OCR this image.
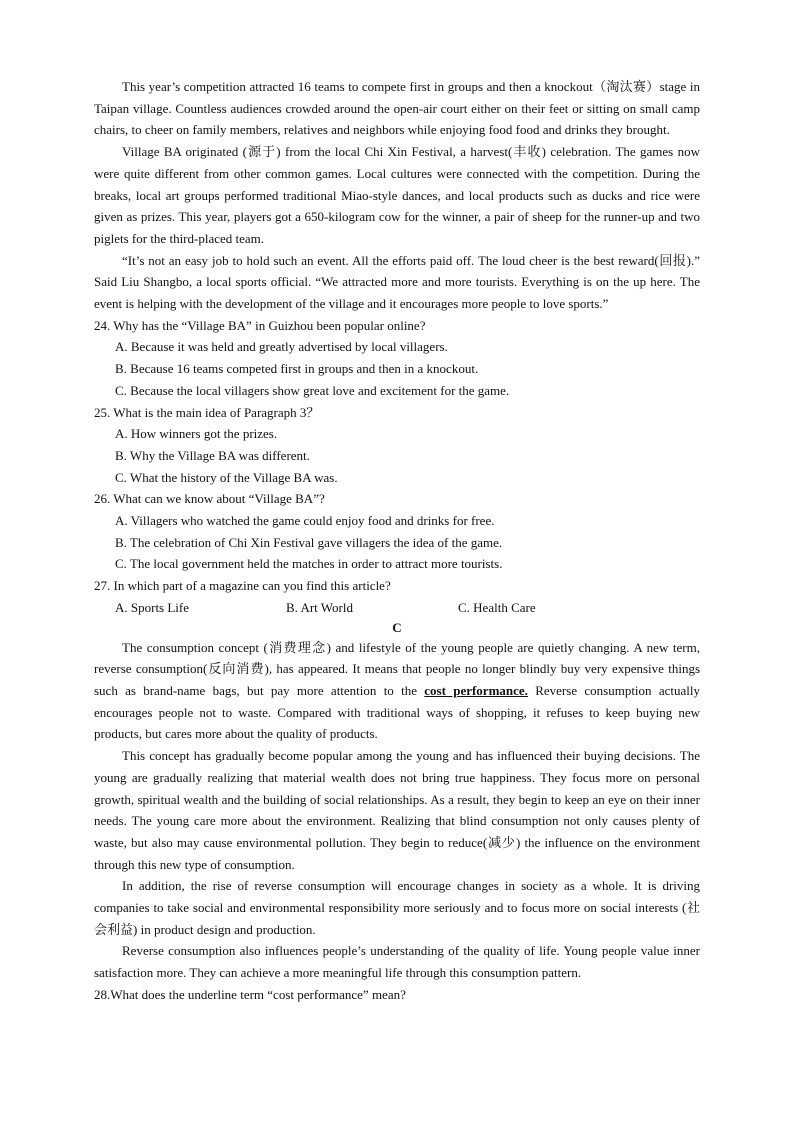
This year’s competition attracted 16 teams to compete first in groups and then a knockout（淘汰赛）stage in Taipan village. Countless audiences crowded around the open-air court either on their feet or sitting on small camp chairs, to cheer on family members, relatives and neighbors while enjoying food food and drinks they brought.

Village BA originated (源于) from the local Chi Xin Festival, a harvest(丰收) celebration. The games now were quite different from other common games. Local cultures were connected with the competition. During the breaks, local art groups performed traditional Miao-style dances, and local products such as ducks and rice were given as prizes. This year, players got a 650-kilogram cow for the winner, a pair of sheep for the runner-up and two piglets for the third-placed team.

“It’s not an easy job to hold such an event. All the efforts paid off. The loud cheer is the best reward(回报).” Said Liu Shangbo, a local sports official. “We attracted more and more tourists. Everything is on the up here. The event is helping with the development of the village and it encourages more people to love sports.”

24. Why has the “Village BA” in Guizhou been popular online?

A. Because it was held and greatly advertised by local villagers.

B. Because 16 teams competed first in groups and then in a knockout.

C. Because the local villagers show great love and excitement for the game.

25. What is the main idea of Paragraph 3？

A. How winners got the prizes.

B. Why the Village BA was different.

C. What the history of the Village BA was.

26. What can we know about “Village BA”?

A. Villagers who watched the game could enjoy food and drinks for free.

B. The celebration of Chi Xin Festival gave villagers the idea of the game.

C. The local government held the matches in order to attract more tourists.

27. In which part of a magazine can you find this article?

A. Sports Life	B. Art World	C. Health Care

C

The consumption concept (消费理念) and lifestyle of the young people are quietly changing. A new term, reverse consumption(反向消费), has appeared. It means that people no longer blindly buy very expensive things such as brand-name bags, but pay more attention to the cost performance. Reverse consumption actually encourages people not to waste. Compared with traditional ways of shopping, it refuses to keep buying new products, but cares more about the quality of products.

This concept has gradually become popular among the young and has influenced their buying decisions. The young are gradually realizing that material wealth does not bring true happiness. They focus more on personal growth, spiritual wealth and the building of social relationships. As a result, they begin to keep an eye on their inner needs. The young care more about the environment. Realizing that blind consumption not only causes plenty of waste, but also may cause environmental pollution. They begin to reduce(减少) the influence on the environment through this new type of consumption.

In addition, the rise of reverse consumption will encourage changes in society as a whole. It is driving companies to take social and environmental responsibility more seriously and to focus more on social interests (社会利益) in product design and production.

Reverse consumption also influences people’s understanding of the quality of life. Young people value inner satisfaction more. They can achieve a more meaningful life through this consumption pattern.

28.What does the underline term “cost performance” mean?
